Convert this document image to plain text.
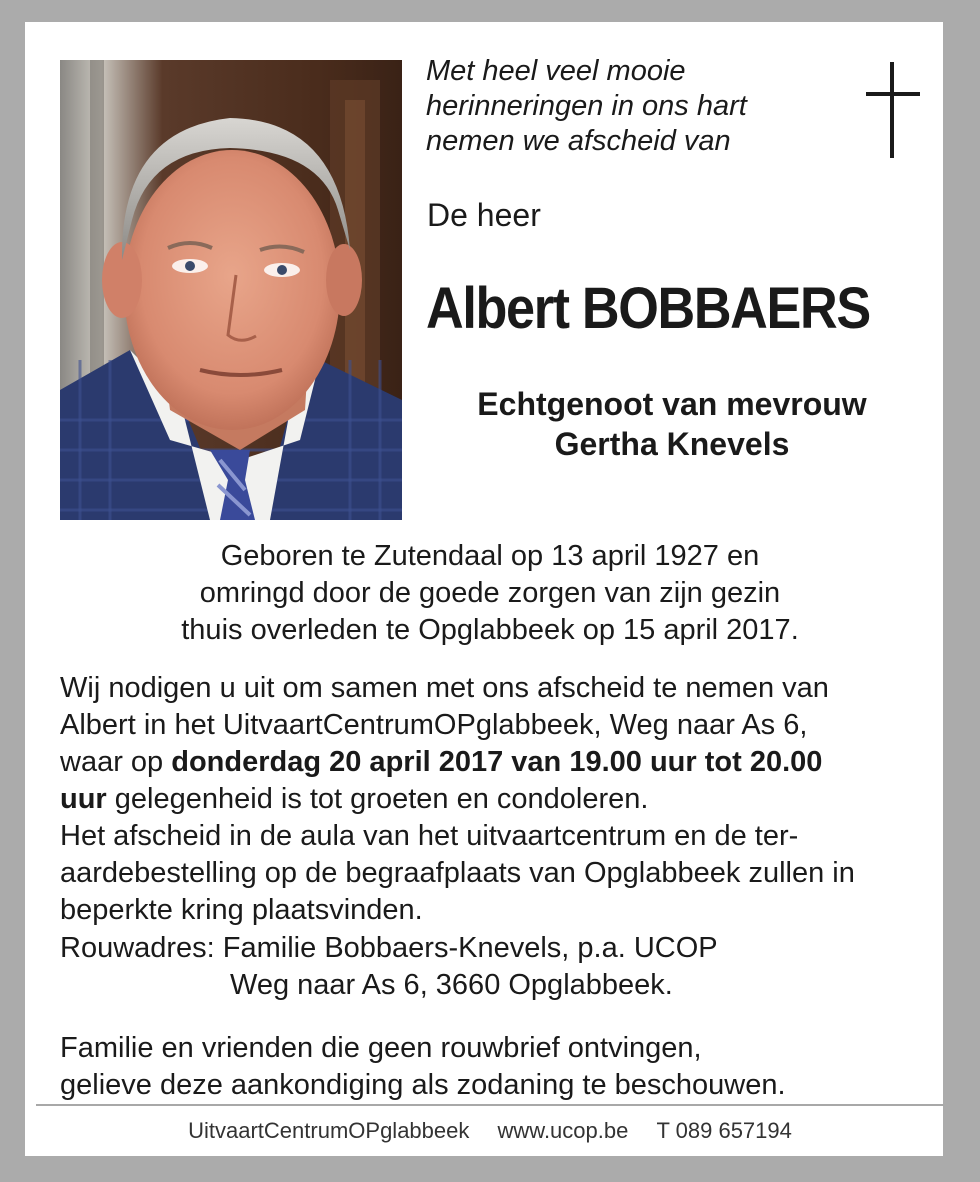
Met heel veel mooie
herinneringen in ons hart
nemen we afscheid van
De heer
Albert BOBBAERS
Echtgenoot van mevrouw
Gertha Knevels
Geboren te Zutendaal op 13 april 1927 en
omringd door de goede zorgen van zijn gezin
thuis overleden te Opglabbeek op 15 april 2017.
Wij nodigen u uit om samen met ons afscheid te nemen van
Albert in het UitvaartCentrumOPglabbeek, Weg naar As 6,
waar op donderdag 20 april 2017 van 19.00 uur tot 20.00
uur gelegenheid is tot groeten en condoleren.
Het afscheid in de aula van het uitvaartcentrum en de ter-
aardebestelling op de begraafplaats van Opglabbeek zullen in
beperkte kring plaatsvinden.
Rouwadres: Familie Bobbaers-Knevels, p.a. UCOP
Weg naar As 6, 3660 Opglabbeek.
Familie en vrienden die geen rouwbrief ontvingen,
gelieve deze aankondiging als zodaning te beschouwen.
UitvaartCentrumOPglabbeek www.ucop.be T 089 657194
